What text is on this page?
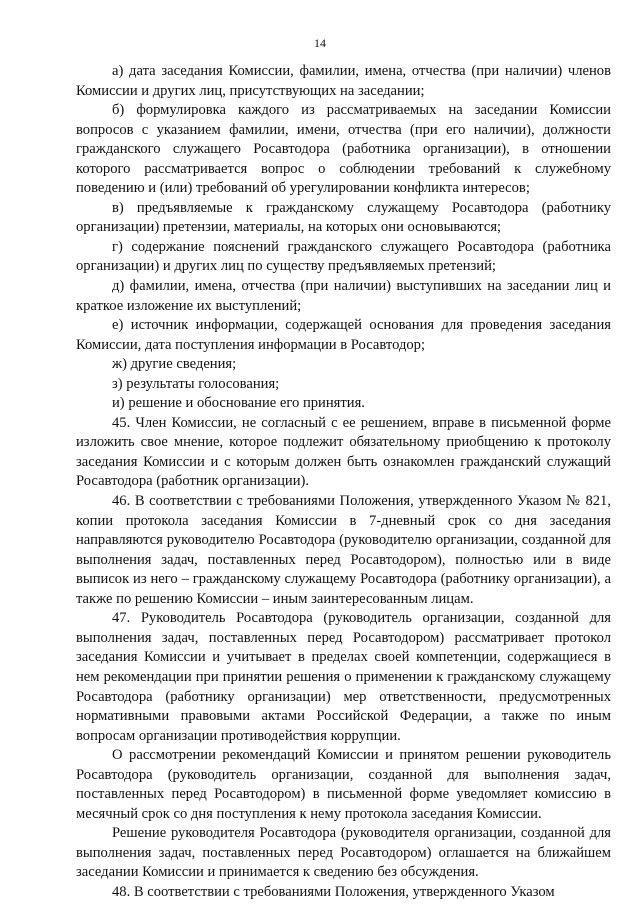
14

а) дата заседания Комиссии, фамилии, имена, отчества (при наличии) членов Комиссии и других лиц, присутствующих на заседании;

б) формулировка каждого из рассматриваемых на заседании Комиссии вопросов с указанием фамилии, имени, отчества (при его наличии), должности гражданского служащего Росавтодора (работника организации), в отношении которого рассматривается вопрос о соблюдении требований к служебному поведению и (или) требований об урегулировании конфликта интересов;

в) предъявляемые к гражданскому служащему Росавтодора (работнику организации) претензии, материалы, на которых они основываются;

г) содержание пояснений гражданского служащего Росавтодора (работника организации) и других лиц по существу предъявляемых претензий;

д) фамилии, имена, отчества (при наличии) выступивших на заседании лиц и краткое изложение их выступлений;

е) источник информации, содержащей основания для проведения заседания Комиссии, дата поступления информации в Росавтодор;

ж) другие сведения;

з) результаты голосования;

и) решение и обоснование его принятия.

45. Член Комиссии, не согласный с ее решением, вправе в письменной форме изложить свое мнение, которое подлежит обязательному приобщению к протоколу заседания Комиссии и с которым должен быть ознакомлен гражданский служащий Росавтодора (работник организации).

46. В соответствии с требованиями Положения, утвержденного Указом № 821, копии протокола заседания Комиссии в 7-дневный срок со дня заседания направляются руководителю Росавтодора (руководителю организации, созданной для выполнения задач, поставленных перед Росавтодором), полностью или в виде выписок из него – гражданскому служащему Росавтодора (работнику организации), а также по решению Комиссии – иным заинтересованным лицам.

47. Руководитель Росавтодора (руководитель организации, созданной для выполнения задач, поставленных перед Росавтодором) рассматривает протокол заседания Комиссии и учитывает в пределах своей компетенции, содержащиеся в нем рекомендации при принятии решения о применении к гражданскому служащему Росавтодора (работнику организации) мер ответственности, предусмотренных нормативными правовыми актами Российской Федерации, а также по иным вопросам организации противодействия коррупции.

О рассмотрении рекомендаций Комиссии и принятом решении руководитель Росавтодора (руководитель организации, созданной для выполнения задач, поставленных перед Росавтодором) в письменной форме уведомляет комиссию в месячный срок со дня поступления к нему протокола заседания Комиссии.

Решение руководителя Росавтодора (руководителя организации, созданной для выполнения задач, поставленных перед Росавтодором) оглашается на ближайшем заседании Комиссии и принимается к сведению без обсуждения.

48. В соответствии с требованиями Положения, утвержденного Указом
